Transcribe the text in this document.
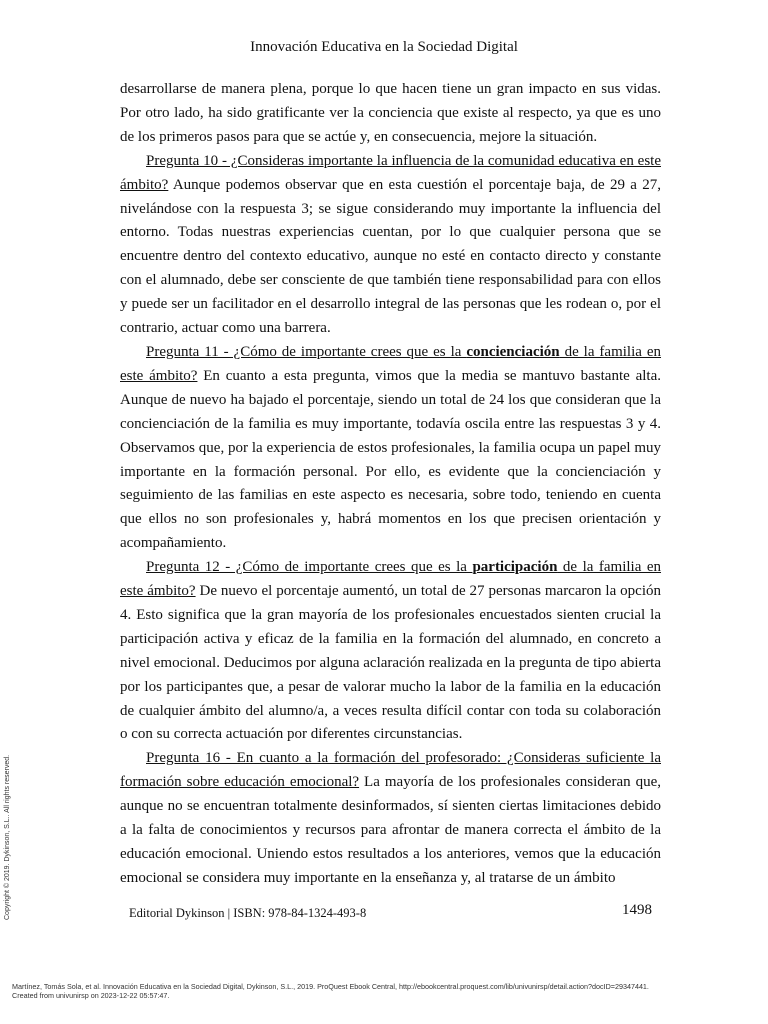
Innovación Educativa en la Sociedad Digital

desarrollarse de manera plena, porque lo que hacen tiene un gran impacto en sus vidas. Por otro lado, ha sido gratificante ver la conciencia que existe al respecto, ya que es uno de los primeros pasos para que se actúe y, en consecuencia, mejore la situación.

Pregunta 10 - ¿Consideras importante la influencia de la comunidad educativa en este ámbito? Aunque podemos observar que en esta cuestión el porcentaje baja, de 29 a 27, nivelándose con la respuesta 3; se sigue considerando muy importante la influencia del entorno. Todas nuestras experiencias cuentan, por lo que cualquier persona que se encuentre dentro del contexto educativo, aunque no esté en contacto directo y constante con el alumnado, debe ser consciente de que también tiene responsabilidad para con ellos y puede ser un facilitador en el desarrollo integral de las personas que les rodean o, por el contrario, actuar como una barrera.

Pregunta 11 - ¿Cómo de importante crees que es la concienciación de la familia en este ámbito? En cuanto a esta pregunta, vimos que la media se mantuvo bastante alta. Aunque de nuevo ha bajado el porcentaje, siendo un total de 24 los que consideran que la concienciación de la familia es muy importante, todavía oscila entre las respuestas 3 y 4. Observamos que, por la experiencia de estos profesionales, la familia ocupa un papel muy importante en la formación personal. Por ello, es evidente que la concienciación y seguimiento de las familias en este aspecto es necesaria, sobre todo, teniendo en cuenta que ellos no son profesionales y, habrá momentos en los que precisen orientación y acompañamiento.

Pregunta 12 - ¿Cómo de importante crees que es la participación de la familia en este ámbito? De nuevo el porcentaje aumentó, un total de 27 personas marcaron la opción 4. Esto significa que la gran mayoría de los profesionales encuestados sienten crucial la participación activa y eficaz de la familia en la formación del alumnado, en concreto a nivel emocional. Deducimos por alguna aclaración realizada en la pregunta de tipo abierta por los participantes que, a pesar de valorar mucho la labor de la familia en la educación de cualquier ámbito del alumno/a, a veces resulta difícil contar con toda su colaboración o con su correcta actuación por diferentes circunstancias.

Pregunta 16 - En cuanto a la formación del profesorado: ¿Consideras suficiente la formación sobre educación emocional? La mayoría de los profesionales consideran que, aunque no se encuentran totalmente desinformados, sí sienten ciertas limitaciones debido a la falta de conocimientos y recursos para afrontar de manera correcta el ámbito de la educación emocional. Uniendo estos resultados a los anteriores, vemos que la educación emocional se considera muy importante en la enseñanza y, al tratarse de un ámbito

Editorial Dykinson | ISBN: 978-84-1324-493-8	1498
Copyright © 2019. Dykinson, S.L.. All rights reserved.
Martínez, Tomás Sola, et al. Innovación Educativa en la Sociedad Digital, Dykinson, S.L., 2019. ProQuest Ebook Central, http://ebookcentral.proquest.com/lib/univunirsp/detail.action?docID=29347441.
Created from univunirsp on 2023-12-22 05:57:47.
